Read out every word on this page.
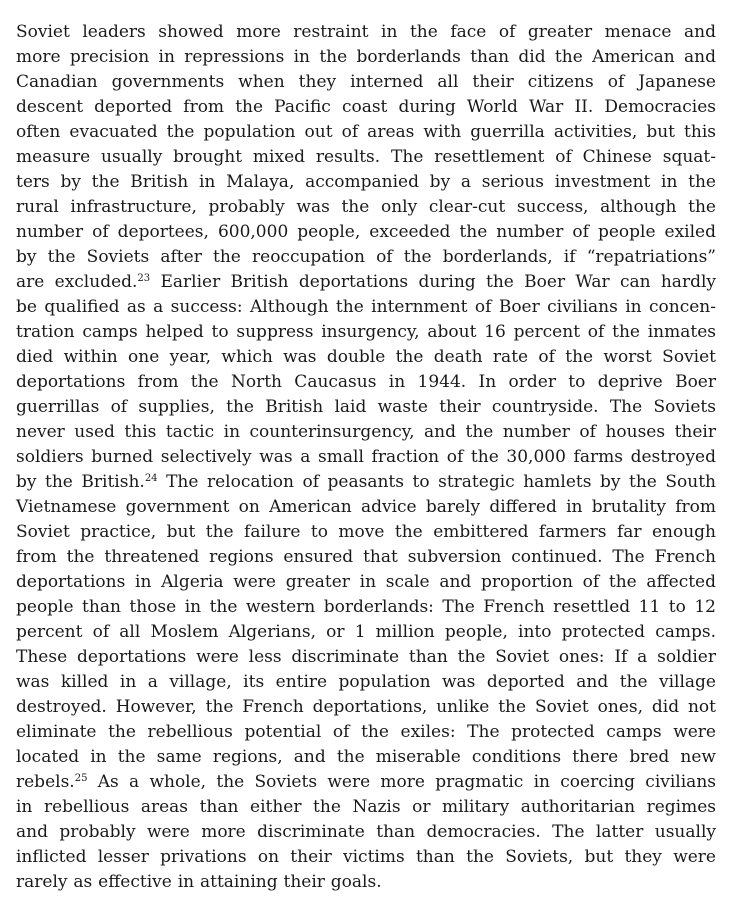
Soviet leaders showed more restraint in the face of greater menace and
more precision in repressions in the borderlands than did the American and
Canadian governments when they interned all their citizens of Japanese
descent deported from the Pacific coast during World War II. Democracies
often evacuated the population out of areas with guerrilla activities, but this
measure usually brought mixed results. The resettlement of Chinese squat-
ters by the British in Malaya, accompanied by a serious investment in the
rural infrastructure, probably was the only clear-cut success, although the
number of deportees, 600,000 people, exceeded the number of people exiled
by the Soviets after the reoccupation of the borderlands, if “repatriations”
are excluded.$^{23}$ Earlier British deportations during the Boer War can hardly
be qualified as a success: Although the internment of Boer civilians in concen-
tration camps helped to suppress insurgency, about 16 percent of the inmates
died within one year, which was double the death rate of the worst Soviet
deportations from the North Caucasus in 1944. In order to deprive Boer
guerrillas of supplies, the British laid waste their countryside. The Soviets
never used this tactic in counterinsurgency, and the number of houses their
soldiers burned selectively was a small fraction of the 30,000 farms destroyed
by the British.$^{24}$ The relocation of peasants to strategic hamlets by the South
Vietnamese government on American advice barely differed in brutality from
Soviet practice, but the failure to move the embittered farmers far enough
from the threatened regions ensured that subversion continued. The French
deportations in Algeria were greater in scale and proportion of the affected
people than those in the western borderlands: The French resettled 11 to 12
percent of all Moslem Algerians, or 1 million people, into protected camps.
These deportations were less discriminate than the Soviet ones: If a soldier
was killed in a village, its entire population was deported and the village
destroyed. However, the French deportations, unlike the Soviet ones, did not
eliminate the rebellious potential of the exiles: The protected camps were
located in the same regions, and the miserable conditions there bred new
rebels.$^{25}$ As a whole, the Soviets were more pragmatic in coercing civilians
in rebellious areas than either the Nazis or military authoritarian regimes
and probably were more discriminate than democracies. The latter usually
inflicted lesser privations on their victims than the Soviets, but they were
rarely as effective in attaining their goals.
